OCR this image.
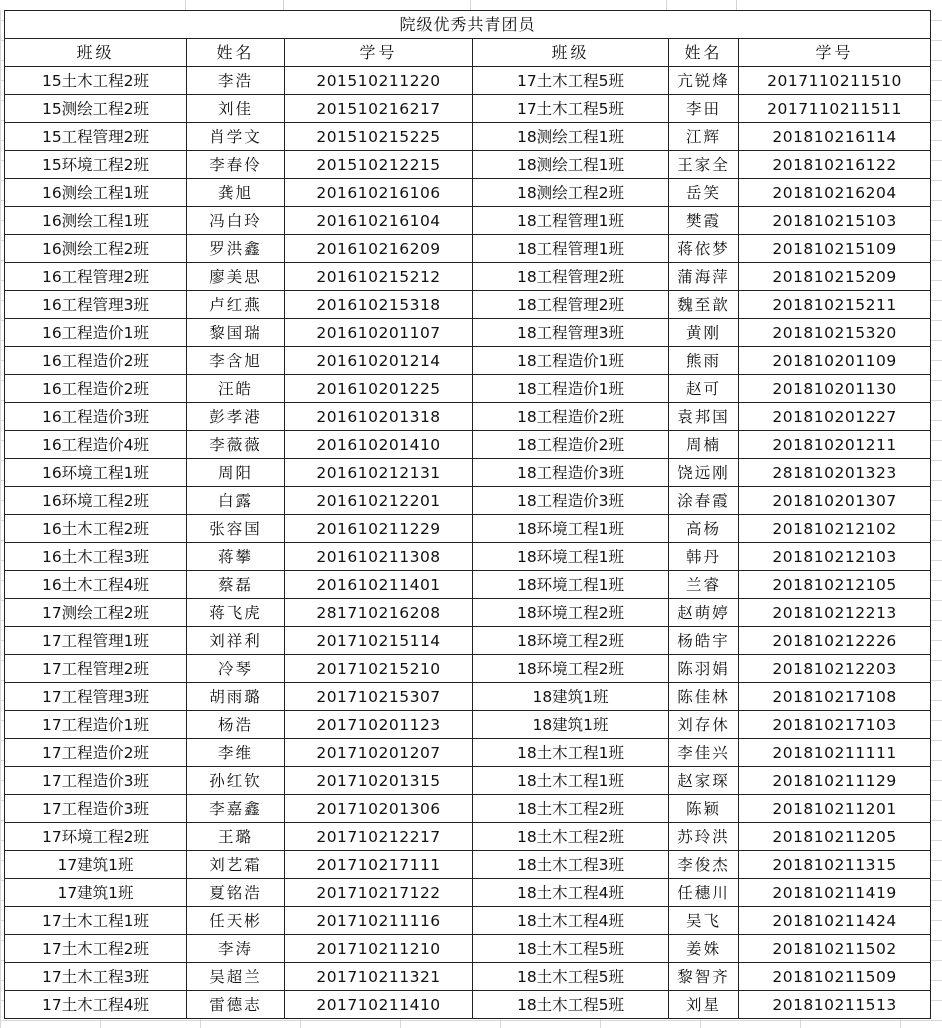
院级优秀共青团员					
班级	姓名	学号	班级	姓名	学号
15土木工程2班	李浩	201510211220	17土木工程5班	亢锐烽	2017110211510
15测绘工程2班	刘佳	201510216217	17土木工程5班	李田	2017110211511
15工程管理2班	肖学文	201510215225	18测绘工程1班	江辉	201810216114
15环境工程2班	李春伶	201510212215	18测绘工程1班	王家全	201810216122
16测绘工程1班	龚旭	201610216106	18测绘工程2班	岳笑	201810216204
16测绘工程1班	冯白玲	201610216104	18工程管理1班	樊霞	201810215103
16测绘工程2班	罗洪鑫	201610216209	18工程管理1班	蒋依梦	201810215109
16工程管理2班	廖美思	201610215212	18工程管理2班	蒲海萍	201810215209
16工程管理3班	卢红燕	201610215318	18工程管理2班	魏至歆	201810215211
16工程造价1班	黎国瑞	201610201107	18工程管理3班	黄刚	201810215320
16工程造价2班	李含旭	201610201214	18工程造价1班	熊雨	201810201109
16工程造价2班	汪皓	201610201225	18工程造价1班	赵可	201810201130
16工程造价3班	彭孝港	201610201318	18工程造价2班	袁邦国	201810201227
16工程造价4班	李薇薇	201610201410	18工程造价2班	周楠	201810201211
16环境工程1班	周阳	201610212131	18工程造价3班	饶远刚	281810201323
16环境工程2班	白露	201610212201	18工程造价3班	涂春霞	201810201307
16土木工程2班	张容国	201610211229	18环境工程1班	高杨	201810212102
16土木工程3班	蒋攀	201610211308	18环境工程1班	韩丹	201810212103
16土木工程4班	蔡磊	201610211401	18环境工程1班	兰睿	201810212105
17测绘工程2班	蒋飞虎	281710216208	18环境工程2班	赵萌婷	201810212213
17工程管理1班	刘祥利	201710215114	18环境工程2班	杨皓宇	201810212226
17工程管理2班	冷琴	201710215210	18环境工程2班	陈羽娟	201810212203
17工程管理3班	胡雨璐	201710215307	18建筑1班	陈佳林	201810217108
17工程造价1班	杨浩	201710201123	18建筑1班	刘存休	201810217103
17工程造价2班	李维	201710201207	18土木工程1班	李佳兴	201810211111
17工程造价3班	孙红钦	201710201315	18土木工程1班	赵家琛	201810211129
17工程造价3班	李嘉鑫	201710201306	18土木工程2班	陈颖	201810211201
17环境工程2班	王璐	201710212217	18土木工程2班	苏玲洪	201810211205
17建筑1班	刘艺霜	201710217111	18土木工程3班	李俊杰	201810211315
17建筑1班	夏铭浩	201710217122	18土木工程4班	任穗川	201810211419
17土木工程1班	任天彬	201710211116	18土木工程4班	吴飞	201810211424
17土木工程2班	李涛	201710211210	18土木工程5班	姜姝	201810211502
17土木工程3班	吴超兰	201710211321	18土木工程5班	黎智齐	201810211509
17土木工程4班	雷德志	201710211410	18土木工程5班	刘星	201810211513
